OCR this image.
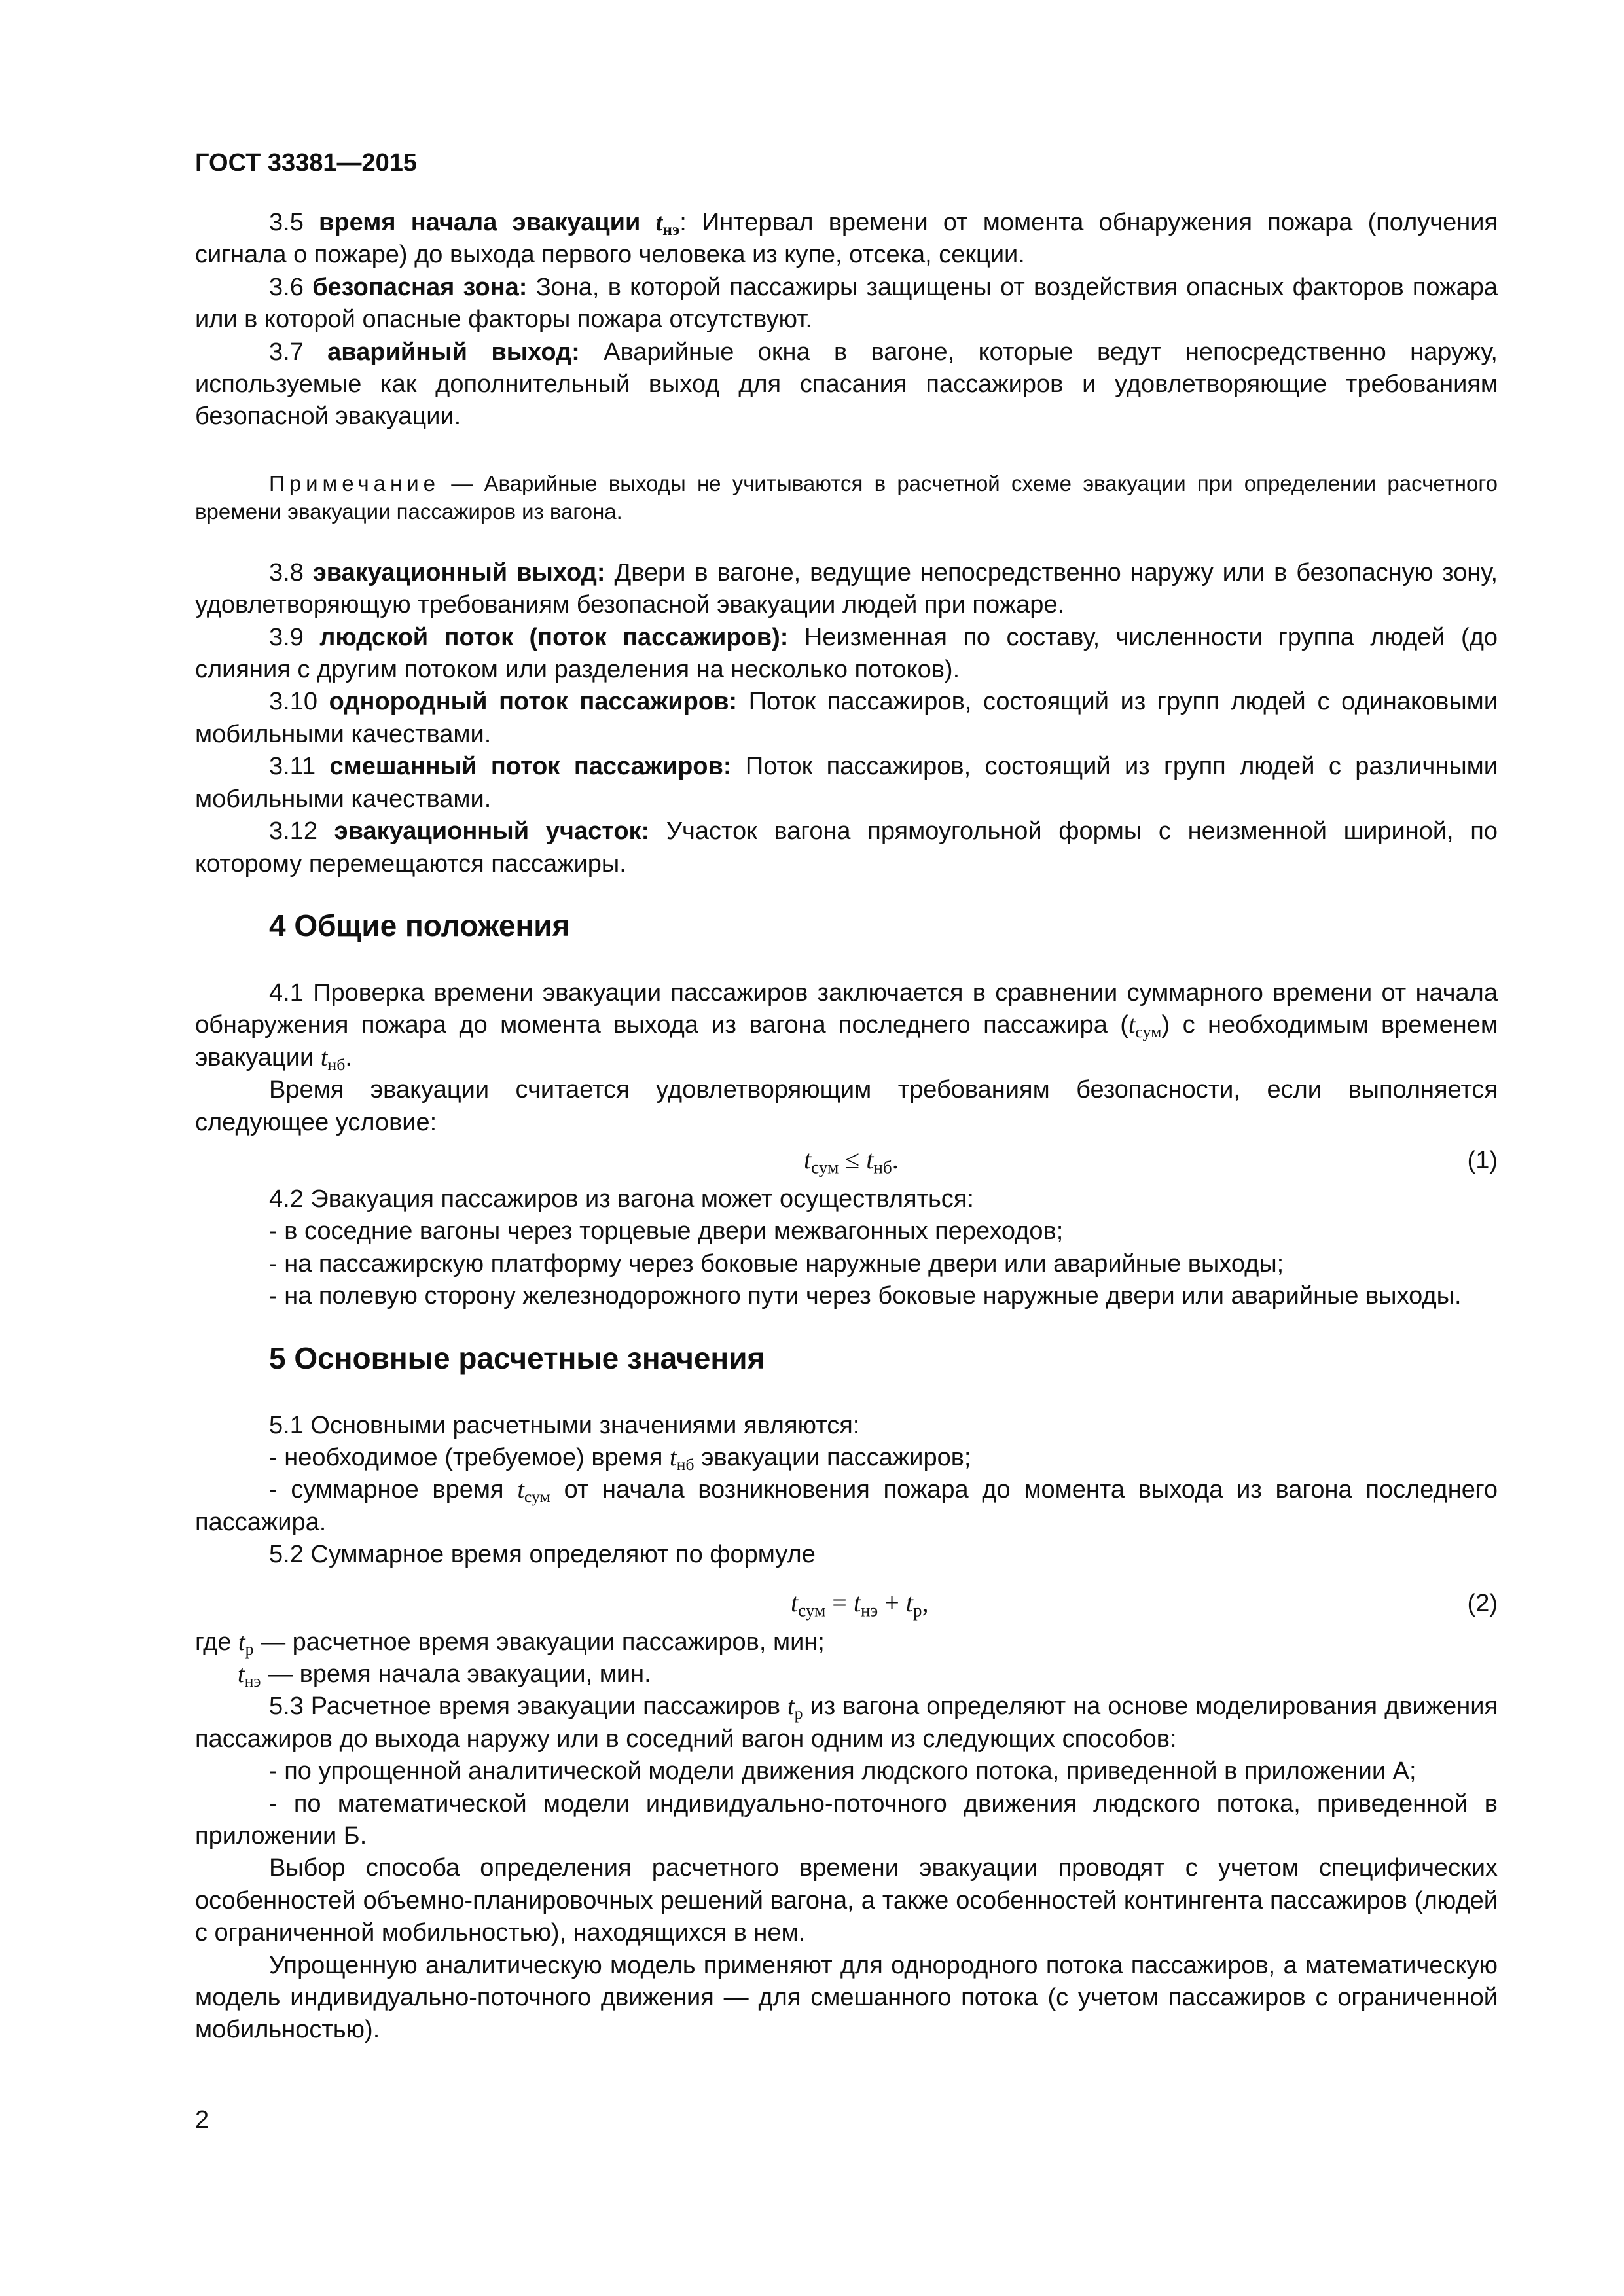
ГОСТ 33381—2015

3.5 время начала эвакуации $t_{нэ}$: Интервал времени от момента обнаружения пожара (получения сигнала о пожаре) до выхода первого человека из купе, отсека, секции.

3.6 безопасная зона: Зона, в которой пассажиры защищены от воздействия опасных факторов пожара или в которой опасные факторы пожара отсутствуют.

3.7 аварийный выход: Аварийные окна в вагоне, которые ведут непосредственно наружу, используемые как дополнительный выход для спасания пассажиров и удовлетворяющие требованиям безопасной эвакуации.

Примечание — Аварийные выходы не учитываются в расчетной схеме эвакуации при определении расчетного времени эвакуации пассажиров из вагона.

3.8 эвакуационный выход: Двери в вагоне, ведущие непосредственно наружу или в безопасную зону, удовлетворяющую требованиям безопасной эвакуации людей при пожаре.

3.9 людской поток (поток пассажиров): Неизменная по составу, численности группа людей (до слияния с другим потоком или разделения на несколько потоков).

3.10 однородный поток пассажиров: Поток пассажиров, состоящий из групп людей с одинаковыми мобильными качествами.

3.11 смешанный поток пассажиров: Поток пассажиров, состоящий из групп людей с различными мобильными качествами.

3.12 эвакуационный участок: Участок вагона прямоугольной формы с неизменной шириной, по которому перемещаются пассажиры.

4 Общие положения

4.1 Проверка времени эвакуации пассажиров заключается в сравнении суммарного времени от начала обнаружения пожара до момента выхода из вагона последнего пассажира $(t_{сум})$ с необходимым временем эвакуации $t_{нб}$.

Время эвакуации считается удовлетворяющим требованиям безопасности, если выполняется следующее условие:

$t_{сум} \le t_{нб}$.	(1)

4.2 Эвакуация пассажиров из вагона может осуществляться:

- в соседние вагоны через торцевые двери межвагонных переходов;

- на пассажирскую платформу через боковые наружные двери или аварийные выходы;

- на полевую сторону железнодорожного пути через боковые наружные двери или аварийные выходы.

5 Основные расчетные значения

5.1 Основными расчетными значениями являются:

- необходимое (требуемое) время $t_{нб}$ эвакуации пассажиров;

- суммарное время $t_{сум}$ от начала возникновения пожара до момента выхода из вагона последнего пассажира.

5.2 Суммарное время определяют по формуле

$t_{сум} = t_{нэ} + t_р$,	(2)

где $t_р$ — расчетное время эвакуации пассажиров, мин;

$t_{нэ}$ — время начала эвакуации, мин.

5.3 Расчетное время эвакуации пассажиров $t_р$ из вагона определяют на основе моделирования движения пассажиров до выхода наружу или в соседний вагон одним из следующих способов:

- по упрощенной аналитической модели движения людского потока, приведенной в приложении А;

- по математической модели индивидуально-поточного движения людского потока, приведенной в приложении Б.

Выбор способа определения расчетного времени эвакуации проводят с учетом специфических особенностей объемно-планировочных решений вагона, а также особенностей контингента пассажиров (людей с ограниченной мобильностью), находящихся в нем.

Упрощенную аналитическую модель применяют для однородного потока пассажиров, а математическую модель индивидуально-поточного движения — для смешанного потока (с учетом пассажиров с ограниченной мобильностью).

2
